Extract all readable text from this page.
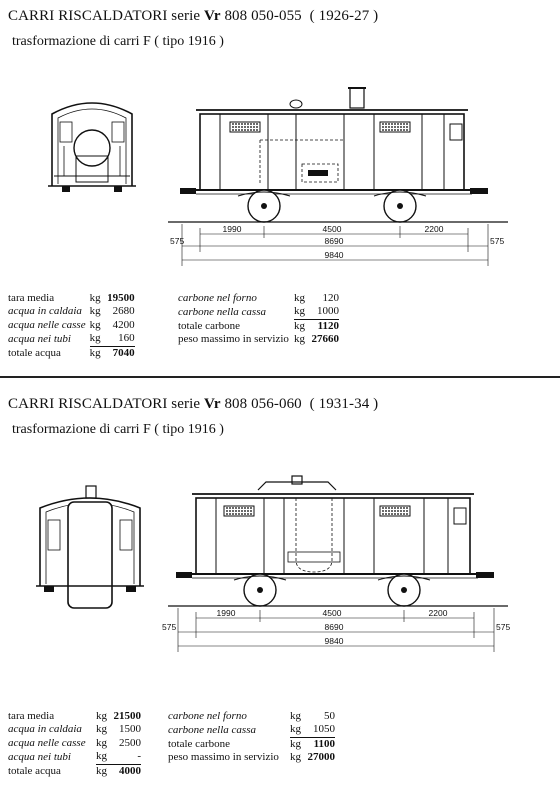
CARRI RISCALDATORI serie Vr 808 050-055 ( 1926-27 )
trasformazione di carri F ( tipo 1916 )
1990	4500	2200
575	575
8690
9840
tara media	kg	19500
acqua in caldaia	kg	2680
acqua nelle casse	kg	4200
acqua nei tubi	kg	160
totale acqua	kg	7040
carbone nel forno	kg	120
carbone nella cassa	kg	1000
totale carbone	kg	1120
peso massimo in servizio	kg	27660
CARRI RISCALDATORI serie Vr 808 056-060 ( 1931-34 )
trasformazione di carri F ( tipo 1916 )
1990	4500	2200
575	575
8690
9840
tara media	kg	21500
acqua in caldaia	kg	1500
acqua nelle casse	kg	2500
acqua nei tubi	kg	-
totale acqua	kg	4000
carbone nel forno	kg	50
carbone nella cassa	kg	1050
totale carbone	kg	1100
peso massimo in servizio	kg	27000
